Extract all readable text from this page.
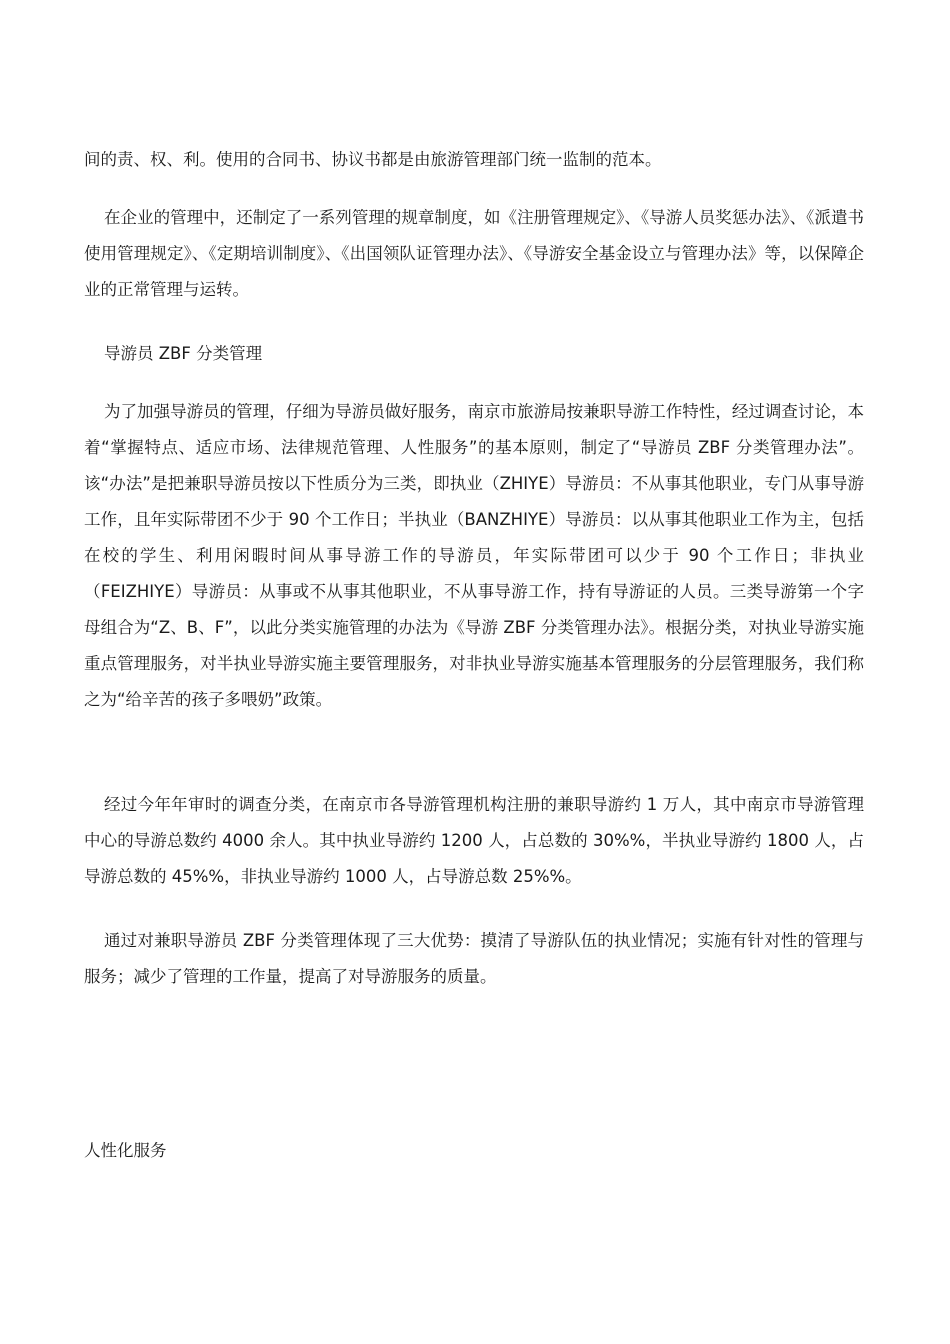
间的责、权、利。使用的合同书、协议书都是由旅游管理部门统一监制的范本。

在企业的管理中，还制定了一系列管理的规章制度，如《注册管理规定》、《导游人员奖惩办法》、《派遣书使用管理规定》、《定期培训制度》、《出国领队证管理办法》、《导游安全基金设立与管理办法》等，以保障企业的正常管理与运转。

导游员 ZBF 分类管理

为了加强导游员的管理，仔细为导游员做好服务，南京市旅游局按兼职导游工作特性，经过调查讨论，本着“掌握特点、适应市场、法律规范管理、人性服务”的基本原则，制定了“导游员 ZBF 分类管理办法”。该“办法”是把兼职导游员按以下性质分为三类，即执业（ZHIYE）导游员：不从事其他职业，专门从事导游工作，且年实际带团不少于 90 个工作日；半执业（BANZHIYE）导游员：以从事其他职业工作为主，包括在校的学生、利用闲暇时间从事导游工作的导游员，年实际带团可以少于 90 个工作日；非执业（FEIZHIYE）导游员：从事或不从事其他职业，不从事导游工作，持有导游证的人员。三类导游第一个字母组合为“Z、B、F”，以此分类实施管理的办法为《导游 ZBF 分类管理办法》。根据分类，对执业导游实施重点管理服务，对半执业导游实施主要管理服务，对非执业导游实施基本管理服务的分层管理服务，我们称之为“给辛苦的孩子多喂奶”政策。

经过今年年审时的调查分类，在南京市各导游管理机构注册的兼职导游约 1 万人，其中南京市导游管理中心的导游总数约 4000 余人。其中执业导游约 1200 人，占总数的 30%%，半执业导游约 1800 人，占导游总数的 45%%，非执业导游约 1000 人，占导游总数 25%%。

通过对兼职导游员 ZBF 分类管理体现了三大优势：摸清了导游队伍的执业情况；实施有针对性的管理与服务；减少了管理的工作量，提高了对导游服务的质量。

人性化服务
